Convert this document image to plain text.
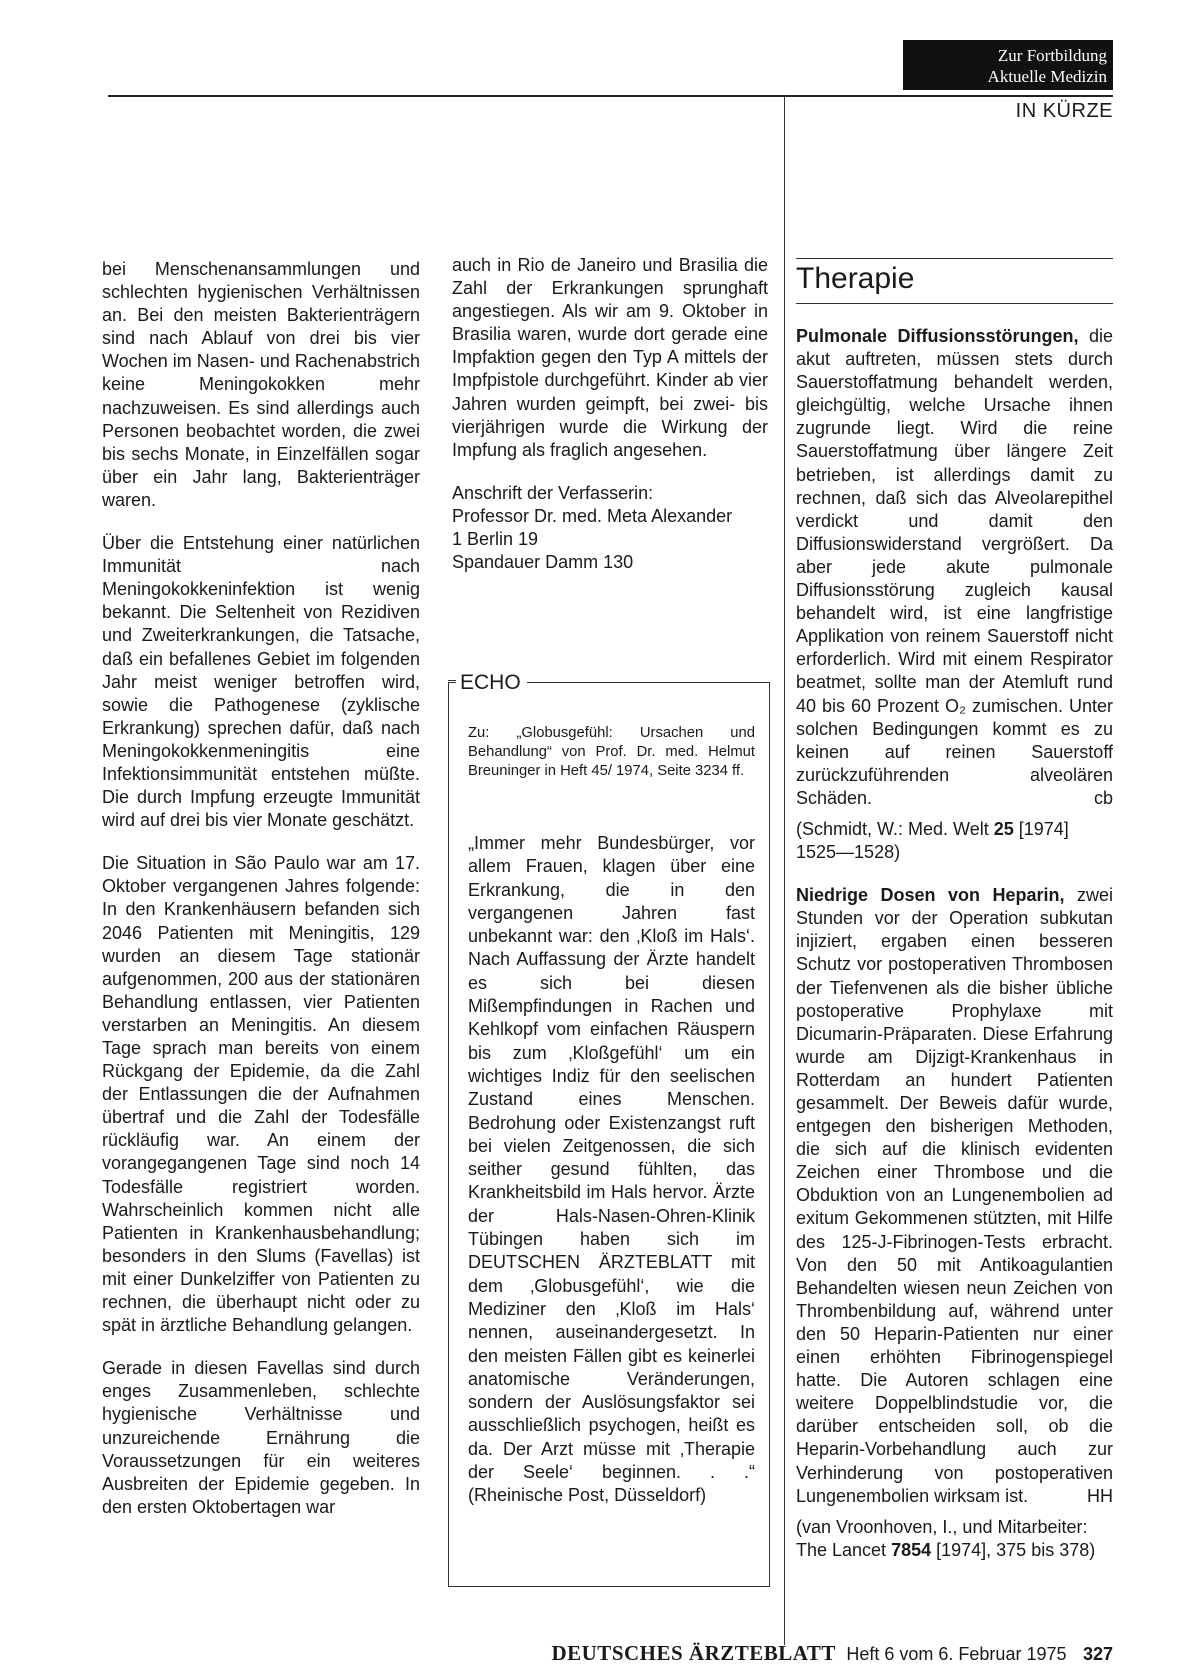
Zur Fortbildung
Aktuelle Medizin
IN KÜRZE

bei Menschenansammlungen und schlechten hygienischen Verhältnissen an. Bei den meisten Bakterienträgern sind nach Ablauf von drei bis vier Wochen im Nasen- und Rachenabstrich keine Meningokokken mehr nachzuweisen. Es sind allerdings auch Personen beobachtet worden, die zwei bis sechs Monate, in Einzelfällen sogar über ein Jahr lang, Bakterienträger waren.

Über die Entstehung einer natürlichen Immunität nach Meningokokkeninfektion ist wenig bekannt. Die Seltenheit von Rezidiven und Zweiterkrankungen, die Tatsache, daß ein befallenes Gebiet im folgenden Jahr meist weniger betroffen wird, sowie die Pathogenese (zyklische Erkrankung) sprechen dafür, daß nach Meningokokkenmeningitis eine Infektionsimmunität entstehen müßte. Die durch Impfung erzeugte Immunität wird auf drei bis vier Monate geschätzt.

Die Situation in São Paulo war am 17. Oktober vergangenen Jahres folgende: In den Krankenhäusern befanden sich 2046 Patienten mit Meningitis, 129 wurden an diesem Tage stationär aufgenommen, 200 aus der stationären Behandlung entlassen, vier Patienten verstarben an Meningitis. An diesem Tage sprach man bereits von einem Rückgang der Epidemie, da die Zahl der Entlassungen die der Aufnahmen übertraf und die Zahl der Todesfälle rückläufig war. An einem der vorangegangenen Tage sind noch 14 Todesfälle registriert worden. Wahrscheinlich kommen nicht alle Patienten in Krankenhausbehandlung; besonders in den Slums (Favellas) ist mit einer Dunkelziffer von Patienten zu rechnen, die überhaupt nicht oder zu spät in ärztliche Behandlung gelangen.

Gerade in diesen Favellas sind durch enges Zusammenleben, schlechte hygienische Verhältnisse und unzureichende Ernährung die Voraussetzungen für ein weiteres Ausbreiten der Epidemie gegeben. In den ersten Oktobertagen war

auch in Rio de Janeiro und Brasilia die Zahl der Erkrankungen sprunghaft angestiegen. Als wir am 9. Oktober in Brasilia waren, wurde dort gerade eine Impfaktion gegen den Typ A mittels der Impfpistole durchgeführt. Kinder ab vier Jahren wurden geimpft, bei zwei- bis vierjährigen wurde die Wirkung der Impfung als fraglich angesehen.

Anschrift der Verfasserin:
Professor Dr. med. Meta Alexander
1 Berlin 19
Spandauer Damm 130
ECHO
Zu: „Globusgefühl: Ursachen und Behandlung“ von Prof. Dr. med. Helmut Breuninger in Heft 45/ 1974, Seite 3234 ff.
„Immer mehr Bundesbürger, vor allem Frauen, klagen über eine Erkrankung, die in den vergangenen Jahren fast unbekannt war: den ‚Kloß im Hals‘. Nach Auffassung der Ärzte handelt es sich bei diesen Mißempfindungen in Rachen und Kehlkopf vom einfachen Räuspern bis zum ‚Kloßgefühl‘ um ein wichtiges Indiz für den seelischen Zustand eines Menschen. Bedrohung oder Existenzangst ruft bei vielen Zeitgenossen, die sich seither gesund fühlten, das Krankheitsbild im Hals hervor. Ärzte der Hals-Nasen-Ohren-Klinik Tübingen haben sich im DEUTSCHEN ÄRZTEBLATT mit dem ‚Globusgefühl‘, wie die Mediziner den ‚Kloß im Hals‘ nennen, auseinandergesetzt. In den meisten Fällen gibt es keinerlei anatomische Veränderungen, sondern der Auslösungsfaktor sei ausschließlich psychogen, heißt es da. Der Arzt müsse mit ‚Therapie der Seele‘ beginnen. . .“ (Rheinische Post, Düsseldorf)
Therapie

Pulmonale Diffusionsstörungen, die akut auftreten, müssen stets durch Sauerstoffatmung behandelt werden, gleichgültig, welche Ursache ihnen zugrunde liegt. Wird die reine Sauerstoffatmung über längere Zeit betrieben, ist allerdings damit zu rechnen, daß sich das Alveolarepithel verdickt und damit den Diffusionswiderstand vergrößert. Da aber jede akute pulmonale Diffusionsstörung zugleich kausal behandelt wird, ist eine langfristige Applikation von reinem Sauerstoff nicht erforderlich. Wird mit einem Respirator beatmet, sollte man der Atemluft rund 40 bis 60 Prozent O₂ zumischen. Unter solchen Bedingungen kommt es zu keinen auf reinen Sauerstoff zurückzuführenden alveolären Schäden.	cb

(Schmidt, W.: Med. Welt 25 [1974] 1525—1528)

Niedrige Dosen von Heparin, zwei Stunden vor der Operation subkutan injiziert, ergaben einen besseren Schutz vor postoperativen Thrombosen der Tiefenvenen als die bisher übliche postoperative Prophylaxe mit Dicumarin-Präparaten. Diese Erfahrung wurde am Dijzigt-Krankenhaus in Rotterdam an hundert Patienten gesammelt. Der Beweis dafür wurde, entgegen den bisherigen Methoden, die sich auf die klinisch evidenten Zeichen einer Thrombose und die Obduktion von an Lungenembolien ad exitum Gekommenen stützten, mit Hilfe des 125-J-Fibrinogen-Tests erbracht. Von den 50 mit Antikoagulantien Behandelten wiesen neun Zeichen von Thrombenbildung auf, während unter den 50 Heparin-Patienten nur einer einen erhöhten Fibrinogenspiegel hatte. Die Autoren schlagen eine weitere Doppelblindstudie vor, die darüber entscheiden soll, ob die Heparin-Vorbehandlung auch zur Verhinderung von postoperativen Lungenembolien wirksam ist.	HH

(van Vroonhoven, I., und Mitarbeiter: The Lancet 7854 [1974], 375 bis 378)
DEUTSCHES ÄRZTEBLATT Heft 6 vom 6. Februar 1975 327
